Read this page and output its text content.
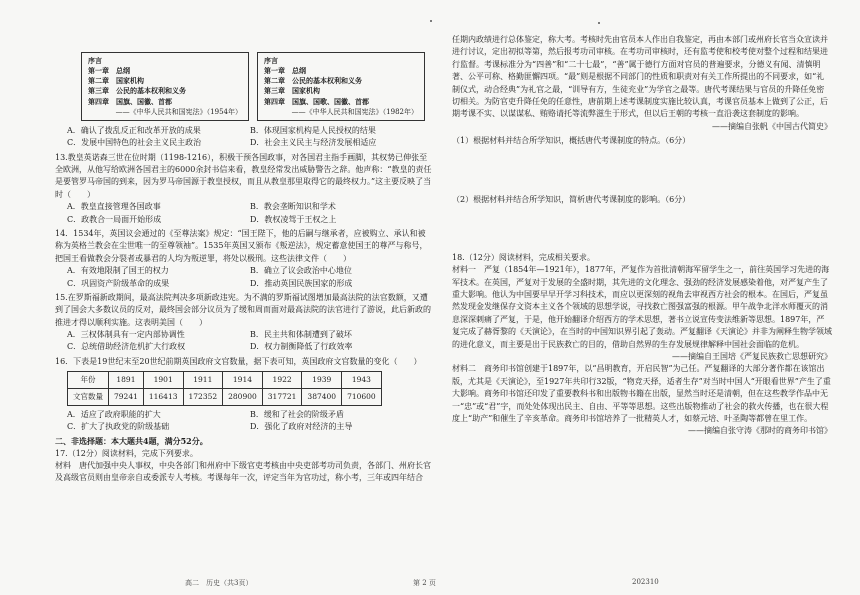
序言
第一章　总纲
第二章　国家机构
第三章　公民的基本权利和义务
第四章　国旗、国徽、首都
——《中华人民共和国宪法》（1954年）
序言
第一章　总纲
第二章　公民的基本权利和义务
第三章　国家机构
第四章　国旗、国歌、国徽、首都
——《中华人民共和国宪法》（1982年）
A．确认了拨乱反正和改革开放的成果	B．体现国家机构是人民授权的结果
C．发展中国特色的社会主义民主政治	D．社会主义民主与经济发展相适应

13.教皇英诺森三世在位时期（1198-1216），积极干预各国政事，对各国君主指手画脚，其权势已伸张至全欧洲，从他写给欧洲各国君主的6000余封书信来看，教皇经常发出威胁警告之辞。他声称：“教皇的责任是要管罗马帝国的到来，因为罗马帝国源于教皇授权，而且从教皇那里取得它的最终权力。”这主要反映了当时（　　）

A．教皇直接管理各国政事	B．教会垄断知识和学术
C．政教合一局面开始形成	D．教权凌驾于王权之上

14．1534年，英国议会通过的《至尊法案》规定：“国王陛下，他的后嗣与继承者，应被购立、承认和被称为英格兰教会在尘世唯一的至尊领袖”。1535年英国又颁布《叛逆法》，规定蓄意使国王的尊严与称号，把国王看做教会分裂者或暴君的人均为叛逆罪，将处以极刑。这些法律文件（　　）

A．有效地限制了国王的权力	B．确立了议会政治中心地位
C．巩固资产阶级革命的成果	D．推动英国民族国家的形成

15.在罗斯福新政期间，最高法院判决多项新政违宪。为不满的罗斯福试图增加最高法院的法官数额，又遭到了国会大多数议员的反对，最终国会部分议员为了缓和周而面对最高法院的法官进行了游说，此后新政的推进才得以顺利实施。这表明美国（　　）

A．三权体制具有一定内部协调性	B．民主共和体制遭到了破坏
C．总统借助经济危机扩大行政权	D．权力制衡降低了行政效率

16．下表是19世纪末至20世纪前期英国政府文官数量，据下表可知，英国政府文官数量的变化（　　）

年份	1891	1901	1911	1914	1922	1939	1943
文官数量	79241	116413	172352	280900	317721	387400	710600
A．适应了政府职能的扩大	B．缓和了社会的阶级矛盾
C．扩大了执政党的阶级基础	D．强化了政府对经济的主导

二、非选择题：本大题共4题，满分52分。

17.（12分）阅读材料，完成下列要求。

材料　唐代加强中央人事权，中央各部门和州府中下级官吏考核由中央吏部考功司负责，各部门、州府长官及高级官员则由皇帝亲自或委派专人考核。考课每年一次，评定当年为官功过，称小考，三年或四年结合

任期内政绩进行总体鉴定，称大考。考核时先由官员本人作出自我鉴定，再由本部门或州府长官当众宣读并进行讨议，定出初拟等第，然后报考功司审核。在考功司审核时，还有监考使和校考使对整个过程和结果进行监督。考课标准分为“四善”和“二十七最”，“善”属于德行方面对官员的普遍要求，分德义有闻、清慎明著、公平可称、格勤匪懈四项。“最”则是根据不同部门的性质和职责对有关工作所提出的不同要求，如“礼制仪式，动合经典”为礼官之最，“训导有方，生徒充业”为学官之最等。唐代考课结果与官员的升降任免密切相关。为防官吏升降任免的任意性，唐前期上述考课制度实施比较认真，考课官员基本上做到了公正，后期考课不实、以谋谋私、贿赂请托等流弊滋生于形式，但以后王朝的考核一直沿袭这套制度的影响。

——摘编自张帆《中国古代简史》

（1）根据材料并结合所学知识，概括唐代考课制度的特点。（6分）

（2）根据材料并结合所学知识，简析唐代考课制度的影响。（6分）

18.（12分）阅读材料，完成相关要求。

材料一　严复（1854年—1921年），1877年，严复作为首批清朝海军留学生之一，前往英国学习先进的海军技术。在英国，严复对于发展的全盛时期，其先进的文化理念、强劲的经济发展感染着他，对严复产生了重大影响。他认为中国要早早开学习科技术，而应以更深刻的视角去审视西方社会的根本。在国后，严复虽然发现金发继保存文资本主义各个领域的思想学说，寻找救亡图强富强的根源。甲午战争北洋水师覆灭的消息深深刺痛了严复，于是，他开始翻译介绍西方的学术思想，著书立说宣传变法维新等思想。1897年，严复完成了赫胥黎的《天演论》，在当时的中国知识界引起了轰动。严复翻译《天演论》并非为阐释生物学领域的进化意义，而主要是出于民族救亡的目的，借助自然界的生存发展规律解释中国社会面临的危机。

——摘编自王国培《严复民族救亡思想研究》

材料二　商务印书馆创建于1897年，以“昌明教育，开启民智”为己任。严复翻译的大部分著作都在该馆出版，尤其是《天演论》，至1927年共印行32版，“物竞天择，适者生存”对当时中国人“开眼看世界”产生了重大影响。商务印书馆还印发了重要教科书和出版物书籍在出版，显然当时还是清朝，但在这些教学作品中无一“忠”或“君”字，而处处体现出民主、自由、平等等思想。这些出版物推动了社会的救火传播，也在很大程度上“助产”和催生了辛亥革命。商务印书馆培养了一批精英人才，如蔡元培、叶圣陶等都曾在里工作。

——摘编自张守涛《那时的商务印书馆》

高二　历史（共3页）	第 2 页	202310
